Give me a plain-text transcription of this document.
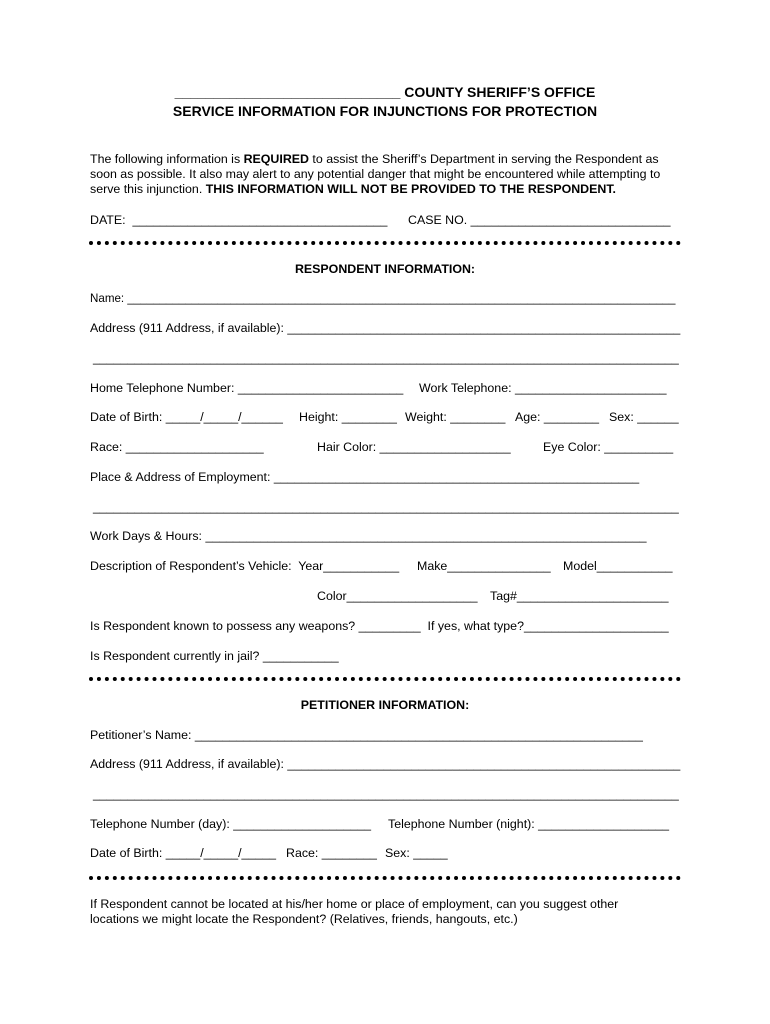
_____________________________ COUNTY SHERIFF’S OFFICE
SERVICE INFORMATION FOR INJUNCTIONS FOR PROTECTION
The following information is REQUIRED to assist the Sheriff’s Department in serving the Respondent as
soon as possible. It also may alert to any potential danger that might be encountered while attempting to
serve this injunction. THIS INFORMATION WILL NOT BE PROVIDED TO THE RESPONDENT.
DATE:  _____________________________________ CASE NO. _____________________________
RESPONDENT INFORMATION:
Name: _____________________________________________________________________________________
Address (911 Address, if available): _________________________________________________________
_____________________________________________________________________________________
Home Telephone Number: ________________________ Work Telephone: ______________________
Date of Birth: _____/_____/______ Height: ________ Weight: ________ Age: ________ Sex: ______
Race: ____________________	Hair Color: ___________________	Eye Color: __________
Place & Address of Employment: _____________________________________________________
_____________________________________________________________________________________
Work Days & Hours: ________________________________________________________________
Description of Respondent’s Vehicle:  Year___________ Make_______________ Model___________
Color___________________ Tag#______________________
Is Respondent known to possess any weapons? _________  If yes, what type?_____________________
Is Respondent currently in jail? ___________
PETITIONER INFORMATION:
Petitioner’s Name: _________________________________________________________________
Address (911 Address, if available): _________________________________________________________
_____________________________________________________________________________________
Telephone Number (day): ____________________ Telephone Number (night): ___________________
Date of Birth: _____/_____/_____ Race: ________ Sex: _____
If Respondent cannot be located at his/her home or place of employment, can you suggest other
locations we might locate the Respondent? (Relatives, friends, hangouts, etc.)
